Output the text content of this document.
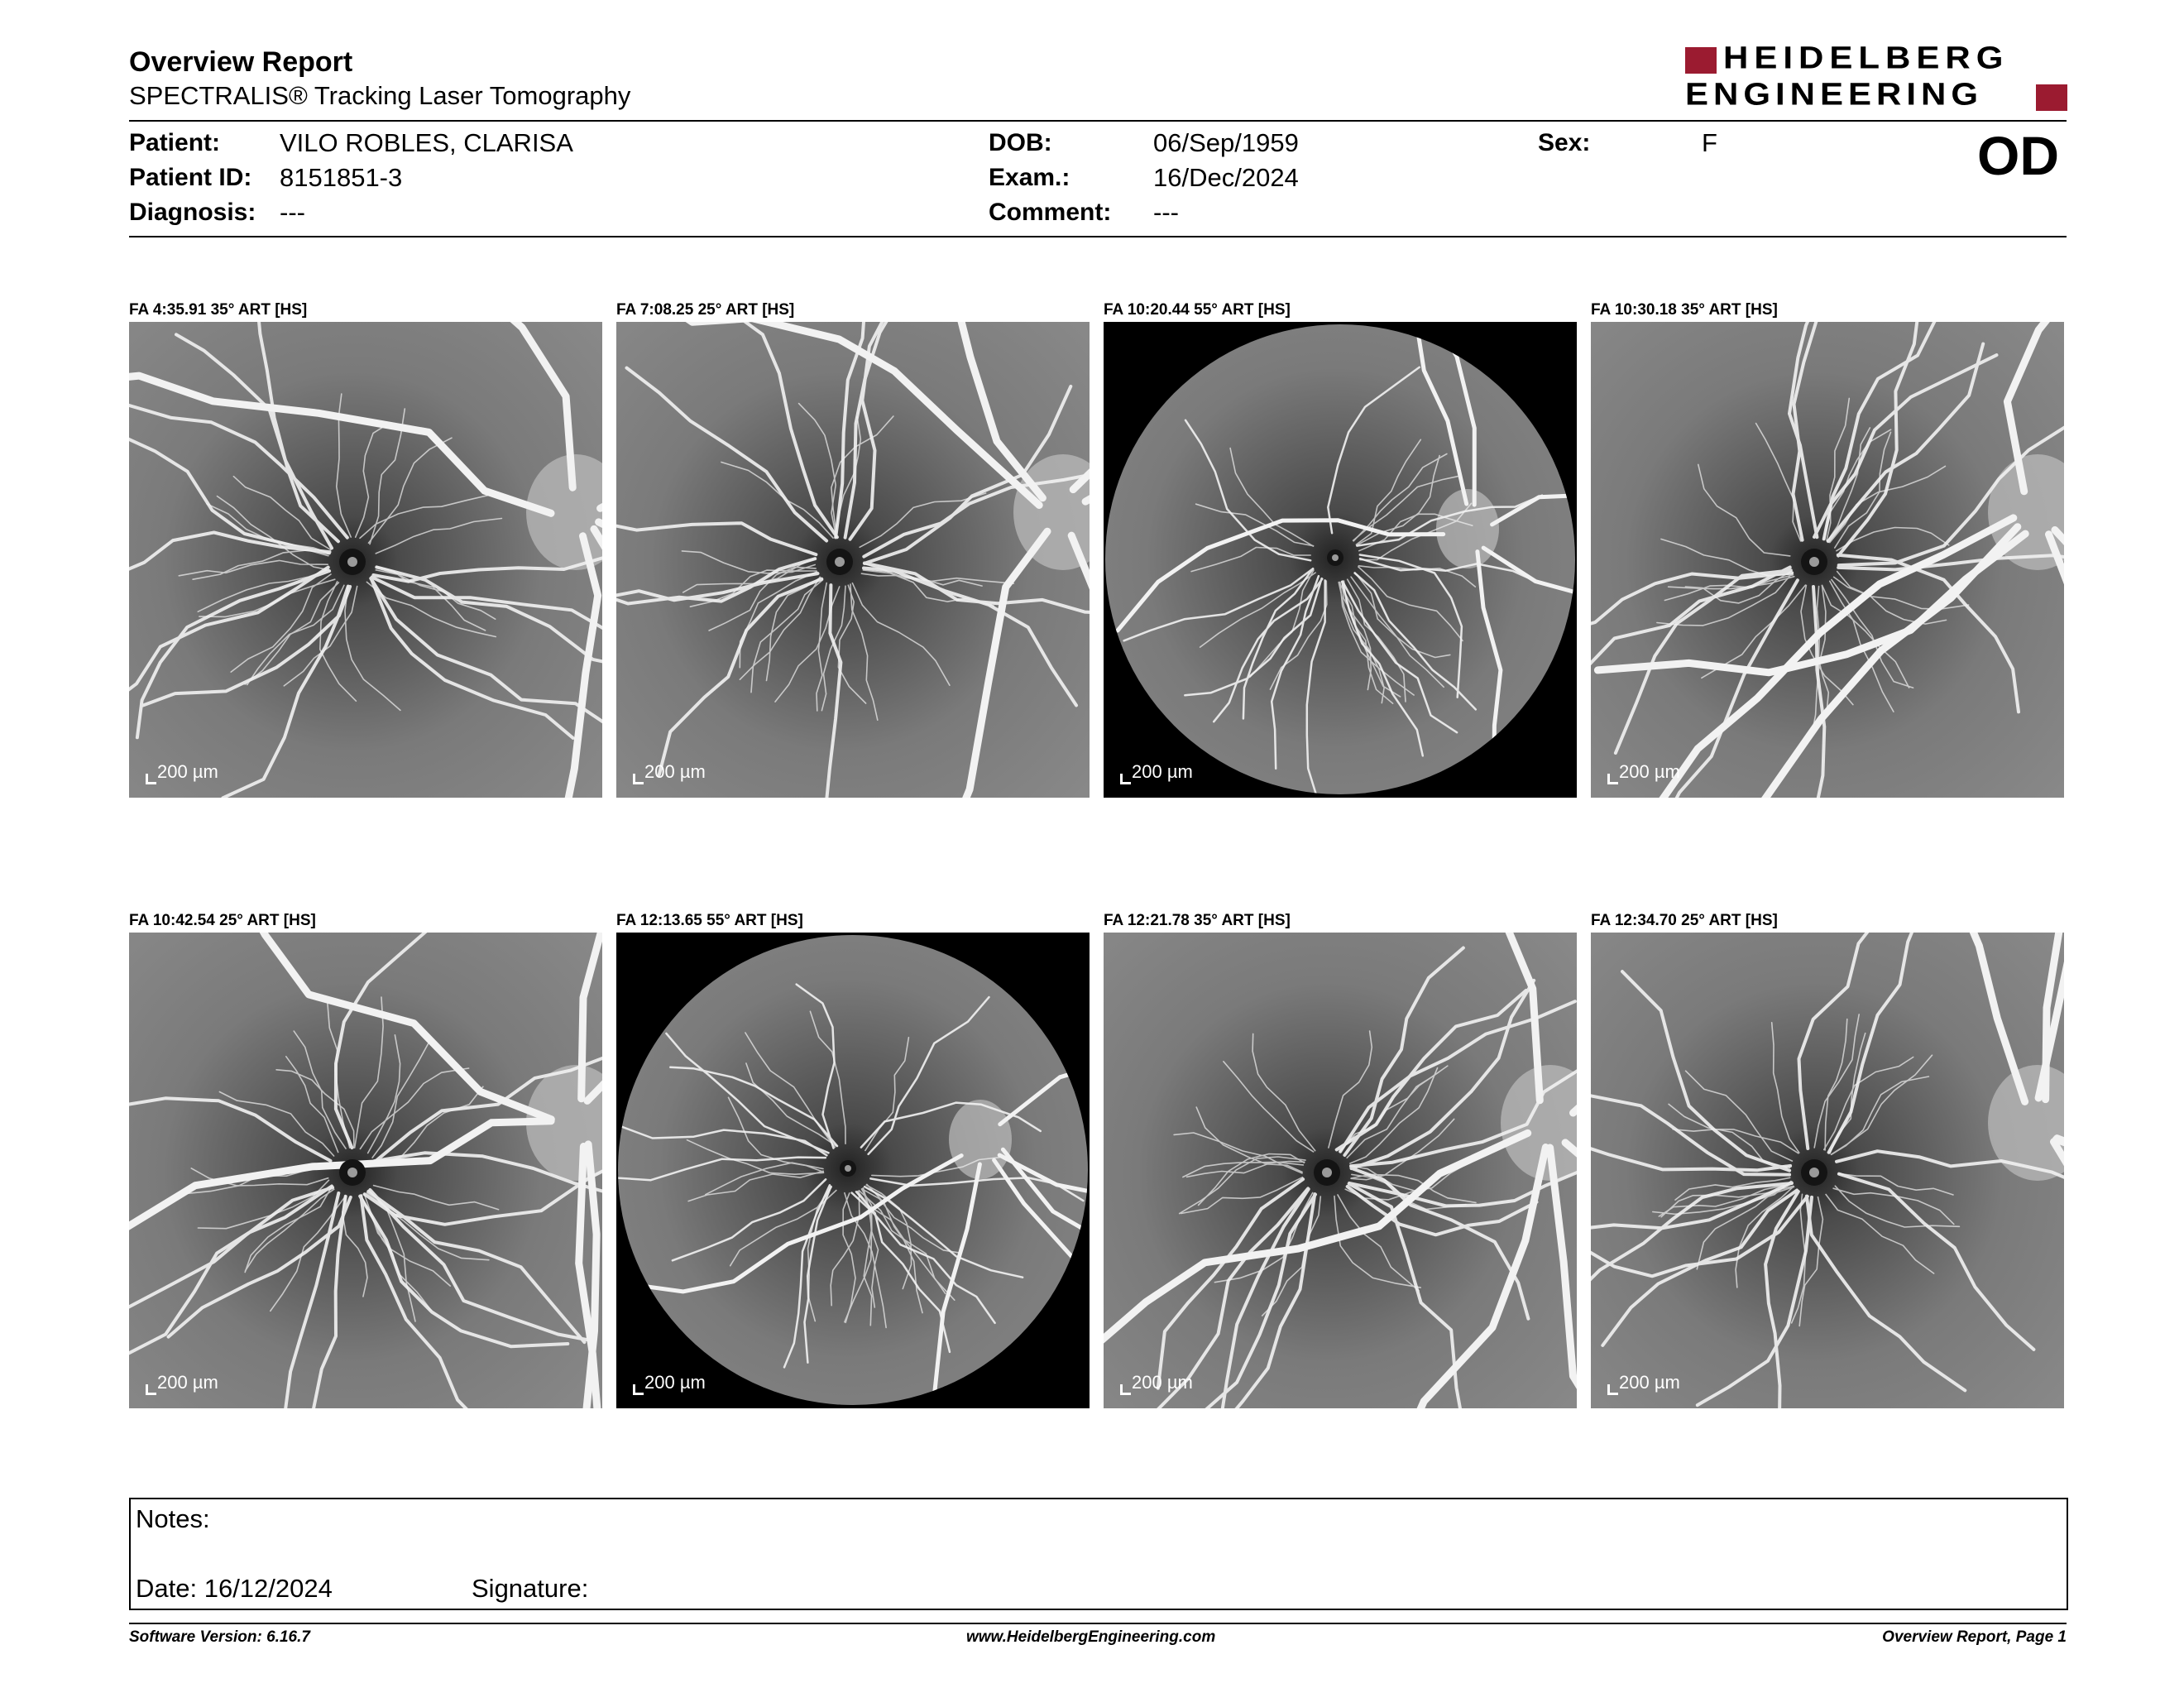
Overview Report
SPECTRALIS® Tracking Laser Tomography
HEIDELBERG
ENGINEERING
Patient: VILO ROBLES, CLARISA
Patient ID: 8151851-3
Diagnosis: ---
DOB:	06/Sep/1959
Exam.:	16/Dec/2024
Comment: ---
Sex:	F	OD
FA 4:35.91 35° ART [HS]
200 µm
FA 7:08.25 25° ART [HS]
200 µm
FA 10:20.44 55° ART [HS]
200 µm
FA 10:30.18 35° ART [HS]
200 µm
FA 10:42.54 25° ART [HS]
200 µm
FA 12:13.65 55° ART [HS]
200 µm
FA 12:21.78 35° ART [HS]
200 µm
FA 12:34.70 25° ART [HS]
200 µm
Notes:
Date: 16/12/2024	Signature:
Software Version: 6.16.7	www.HeidelbergEngineering.com	Overview Report, Page 1
